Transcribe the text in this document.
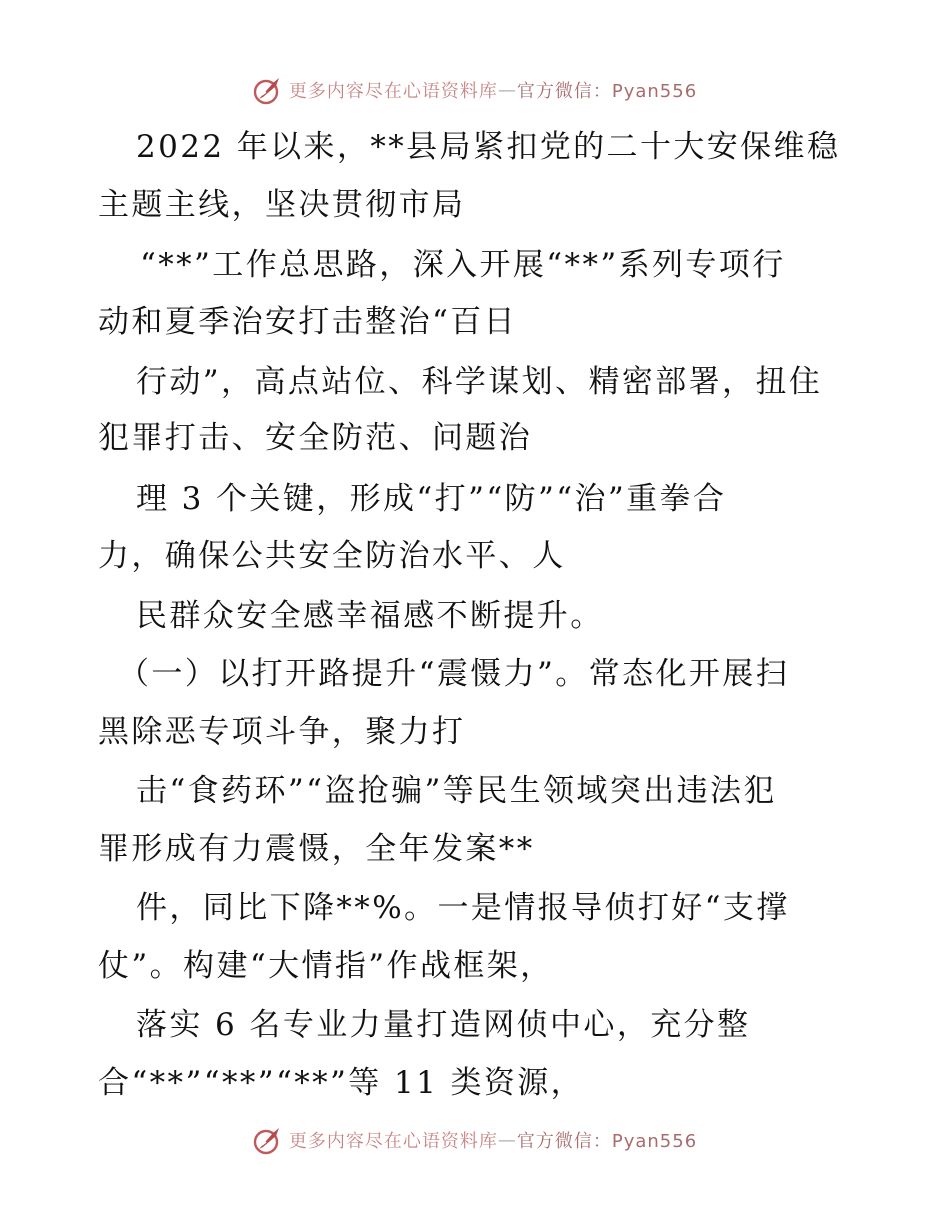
更多内容尽在心语资料库 — 官方微信：Pyan556
2022 年以来，**县局紧扣党的二十大安保维稳
主题主线，坚决贯彻市局
“**”工作总思路，深入开展“**”系列专项行
动和夏季治安打击整治“百日
行动”，高点站位、科学谋划、精密部署，扭住
犯罪打击、安全防范、问题治
理 3 个关键，形成“打”“防”“治”重拳合
力，确保公共安全防治水平、人
民群众安全感幸福感不断提升。
（一）以打开路提升“震慑力”。常态化开展扫
黑除恶专项斗争，聚力打
击“食药环”“盗抢骗”等民生领域突出违法犯
罪形成有力震慑，全年发案**
件，同比下降**%。一是情报导侦打好“支撑
仗”。构建“大情指”作战框架，
落实 6 名专业力量打造网侦中心，充分整
合“**”“**”“**”等 11 类资源，
更多内容尽在心语资料库 — 官方微信：Pyan556
